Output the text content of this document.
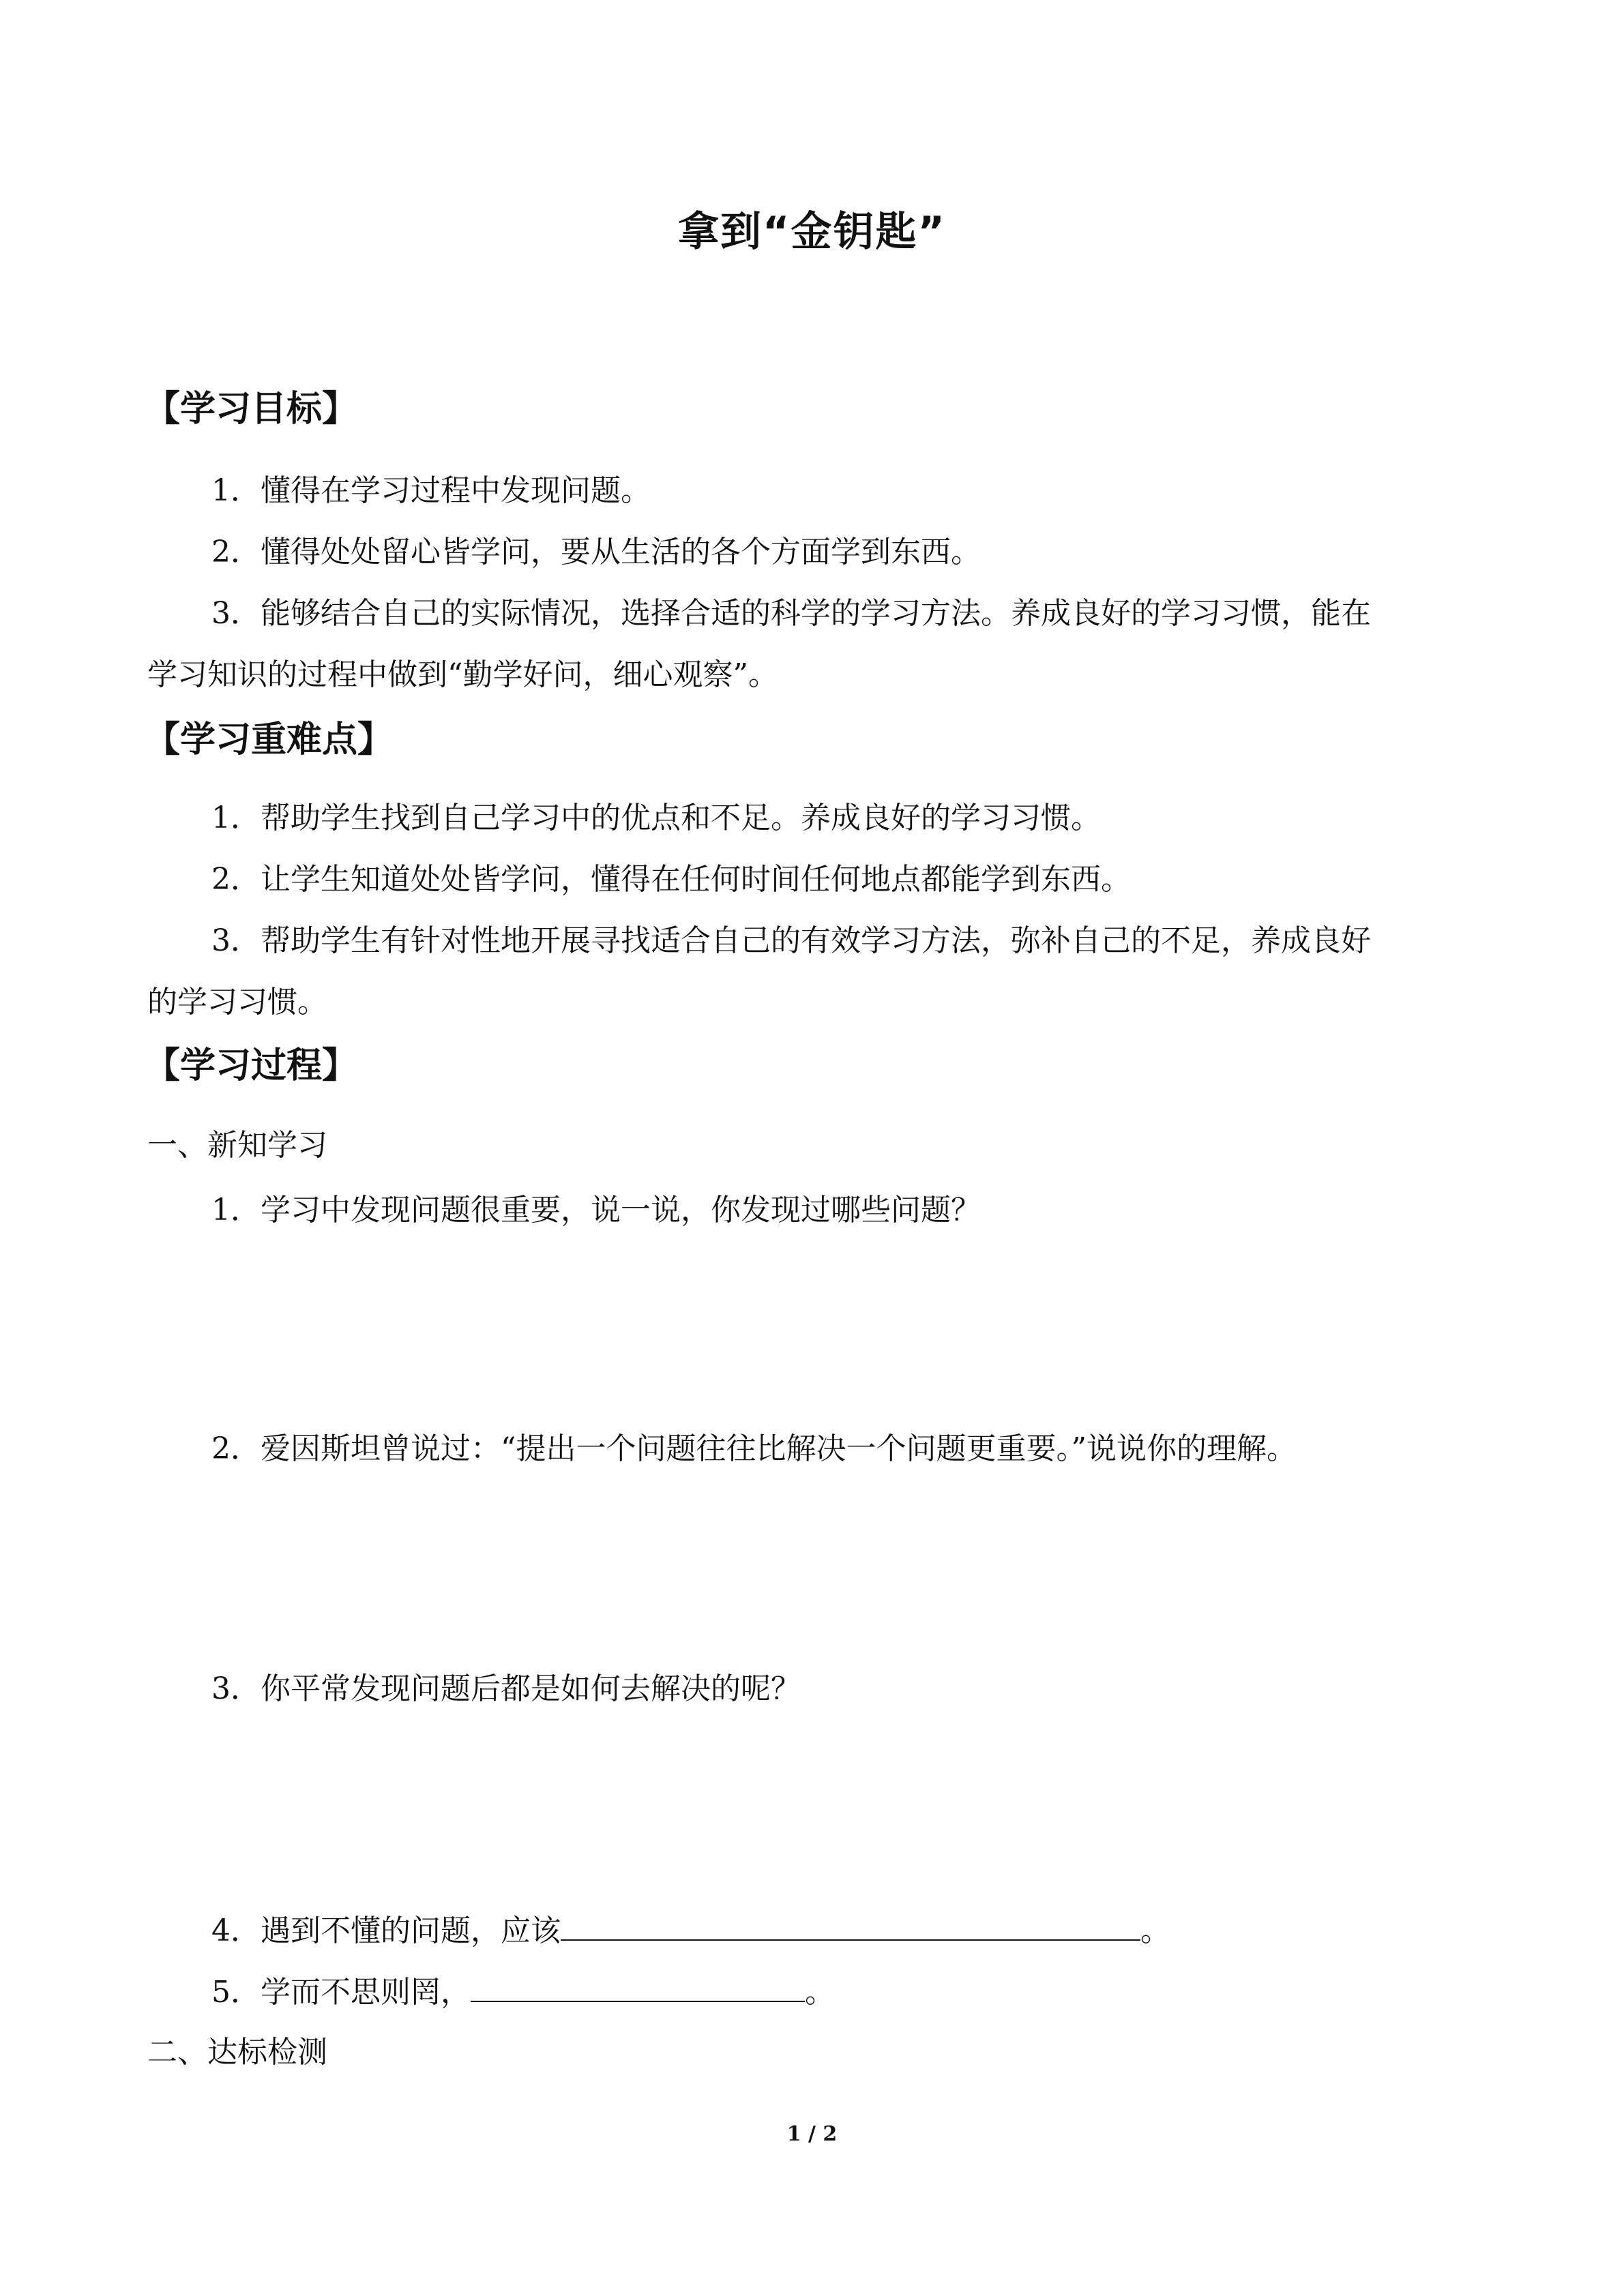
拿到“金钥匙”
【学习目标】
1．懂得在学习过程中发现问题。
2．懂得处处留心皆学问，要从生活的各个方面学到东西。
3．能够结合自己的实际情况，选择合适的科学的学习方法。养成良好的学习习惯，能在
学习知识的过程中做到“勤学好问，细心观察”。
【学习重难点】
1．帮助学生找到自己学习中的优点和不足。养成良好的学习习惯。
2．让学生知道处处皆学问，懂得在任何时间任何地点都能学到东西。
3．帮助学生有针对性地开展寻找适合自己的有效学习方法，弥补自己的不足，养成良好
的学习习惯。
【学习过程】
一、新知学习
1．学习中发现问题很重要，说一说，你发现过哪些问题？
2．爱因斯坦曾说过：“提出一个问题往往比解决一个问题更重要。”说说你的理解。
3．你平常发现问题后都是如何去解决的呢？
4．遇到不懂的问题，应该	。
5．学而不思则罔，	。
二、达标检测
1 / 2
